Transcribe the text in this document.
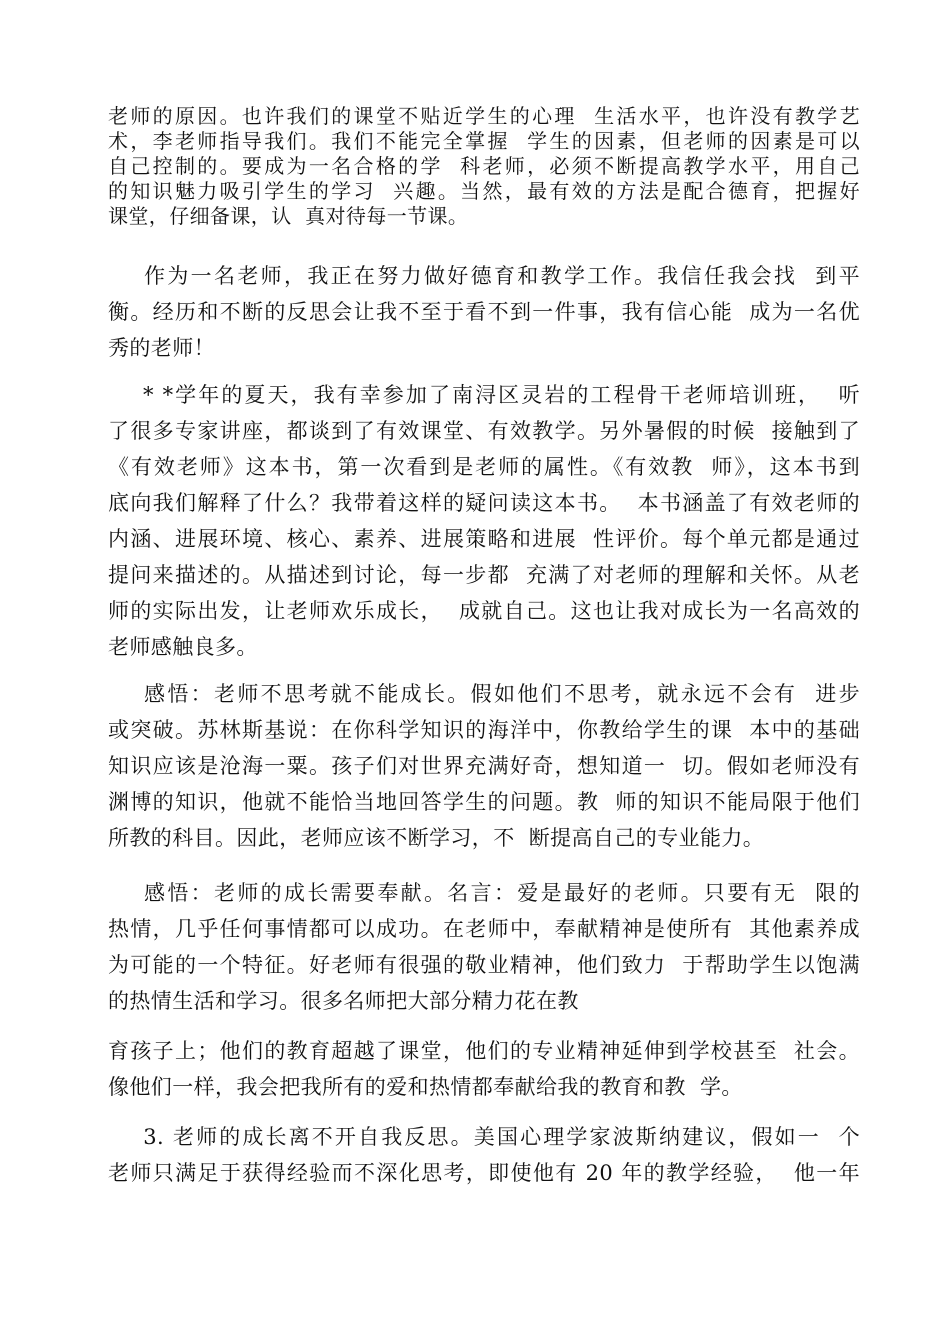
老师的原因。也许我们的课堂不贴近学生的心理  生活水平，也许没有教学艺
术，李老师指导我们。我们不能完全掌握  学生的因素，但老师的因素是可以
自己控制的。要成为一名合格的学  科老师，必须不断提高教学水平，用自己
的知识魅力吸引学生的学习  兴趣。当然，最有效的方法是配合德育，把握好
课堂，仔细备课，认  真对待每一节课。
作为一名老师，我正在努力做好德育和教学工作。我信任我会找  到平
衡。经历和不断的反思会让我不至于看不到一件事，我有信心能  成为一名优
秀的老师！
* *学年的夏天，我有幸参加了南浔区灵岩的工程骨干老师培训班，  听
了很多专家讲座，都谈到了有效课堂、有效教学。另外暑假的时候  接触到了
《有效老师》这本书，第一次看到是老师的属性。《有效教  师》，这本书到
底向我们解释了什么？我带着这样的疑问读这本书。  本书涵盖了有效老师的
内涵、进展环境、核心、素养、进展策略和进展  性评价。每个单元都是通过
提问来描述的。从描述到讨论，每一步都  充满了对老师的理解和关怀。从老
师的实际出发，让老师欢乐成长，  成就自己。这也让我对成长为一名高效的
老师感触良多。
感悟：老师不思考就不能成长。假如他们不思考，就永远不会有  进步
或突破。苏林斯基说：在你科学知识的海洋中，你教给学生的课  本中的基础
知识应该是沧海一粟。孩子们对世界充满好奇，想知道一  切。假如老师没有
渊博的知识，他就不能恰当地回答学生的问题。教  师的知识不能局限于他们
所教的科目。因此，老师应该不断学习，不  断提高自己的专业能力。
感悟：老师的成长需要奉献。名言：爱是最好的老师。只要有无  限的
热情，几乎任何事情都可以成功。在老师中，奉献精神是使所有  其他素养成
为可能的一个特征。好老师有很强的敬业精神，他们致力  于帮助学生以饱满
的热情生活和学习。很多名师把大部分精力花在教
育孩子上；他们的教育超越了课堂，他们的专业精神延伸到学校甚至  社会。
像他们一样，我会把我所有的爱和热情都奉献给我的教育和教  学。
3. 老师的成长离不开自我反思。美国心理学家波斯纳建议，假如一  个
老师只满足于获得经验而不深化思考，即使他有 20 年的教学经验，  他一年
